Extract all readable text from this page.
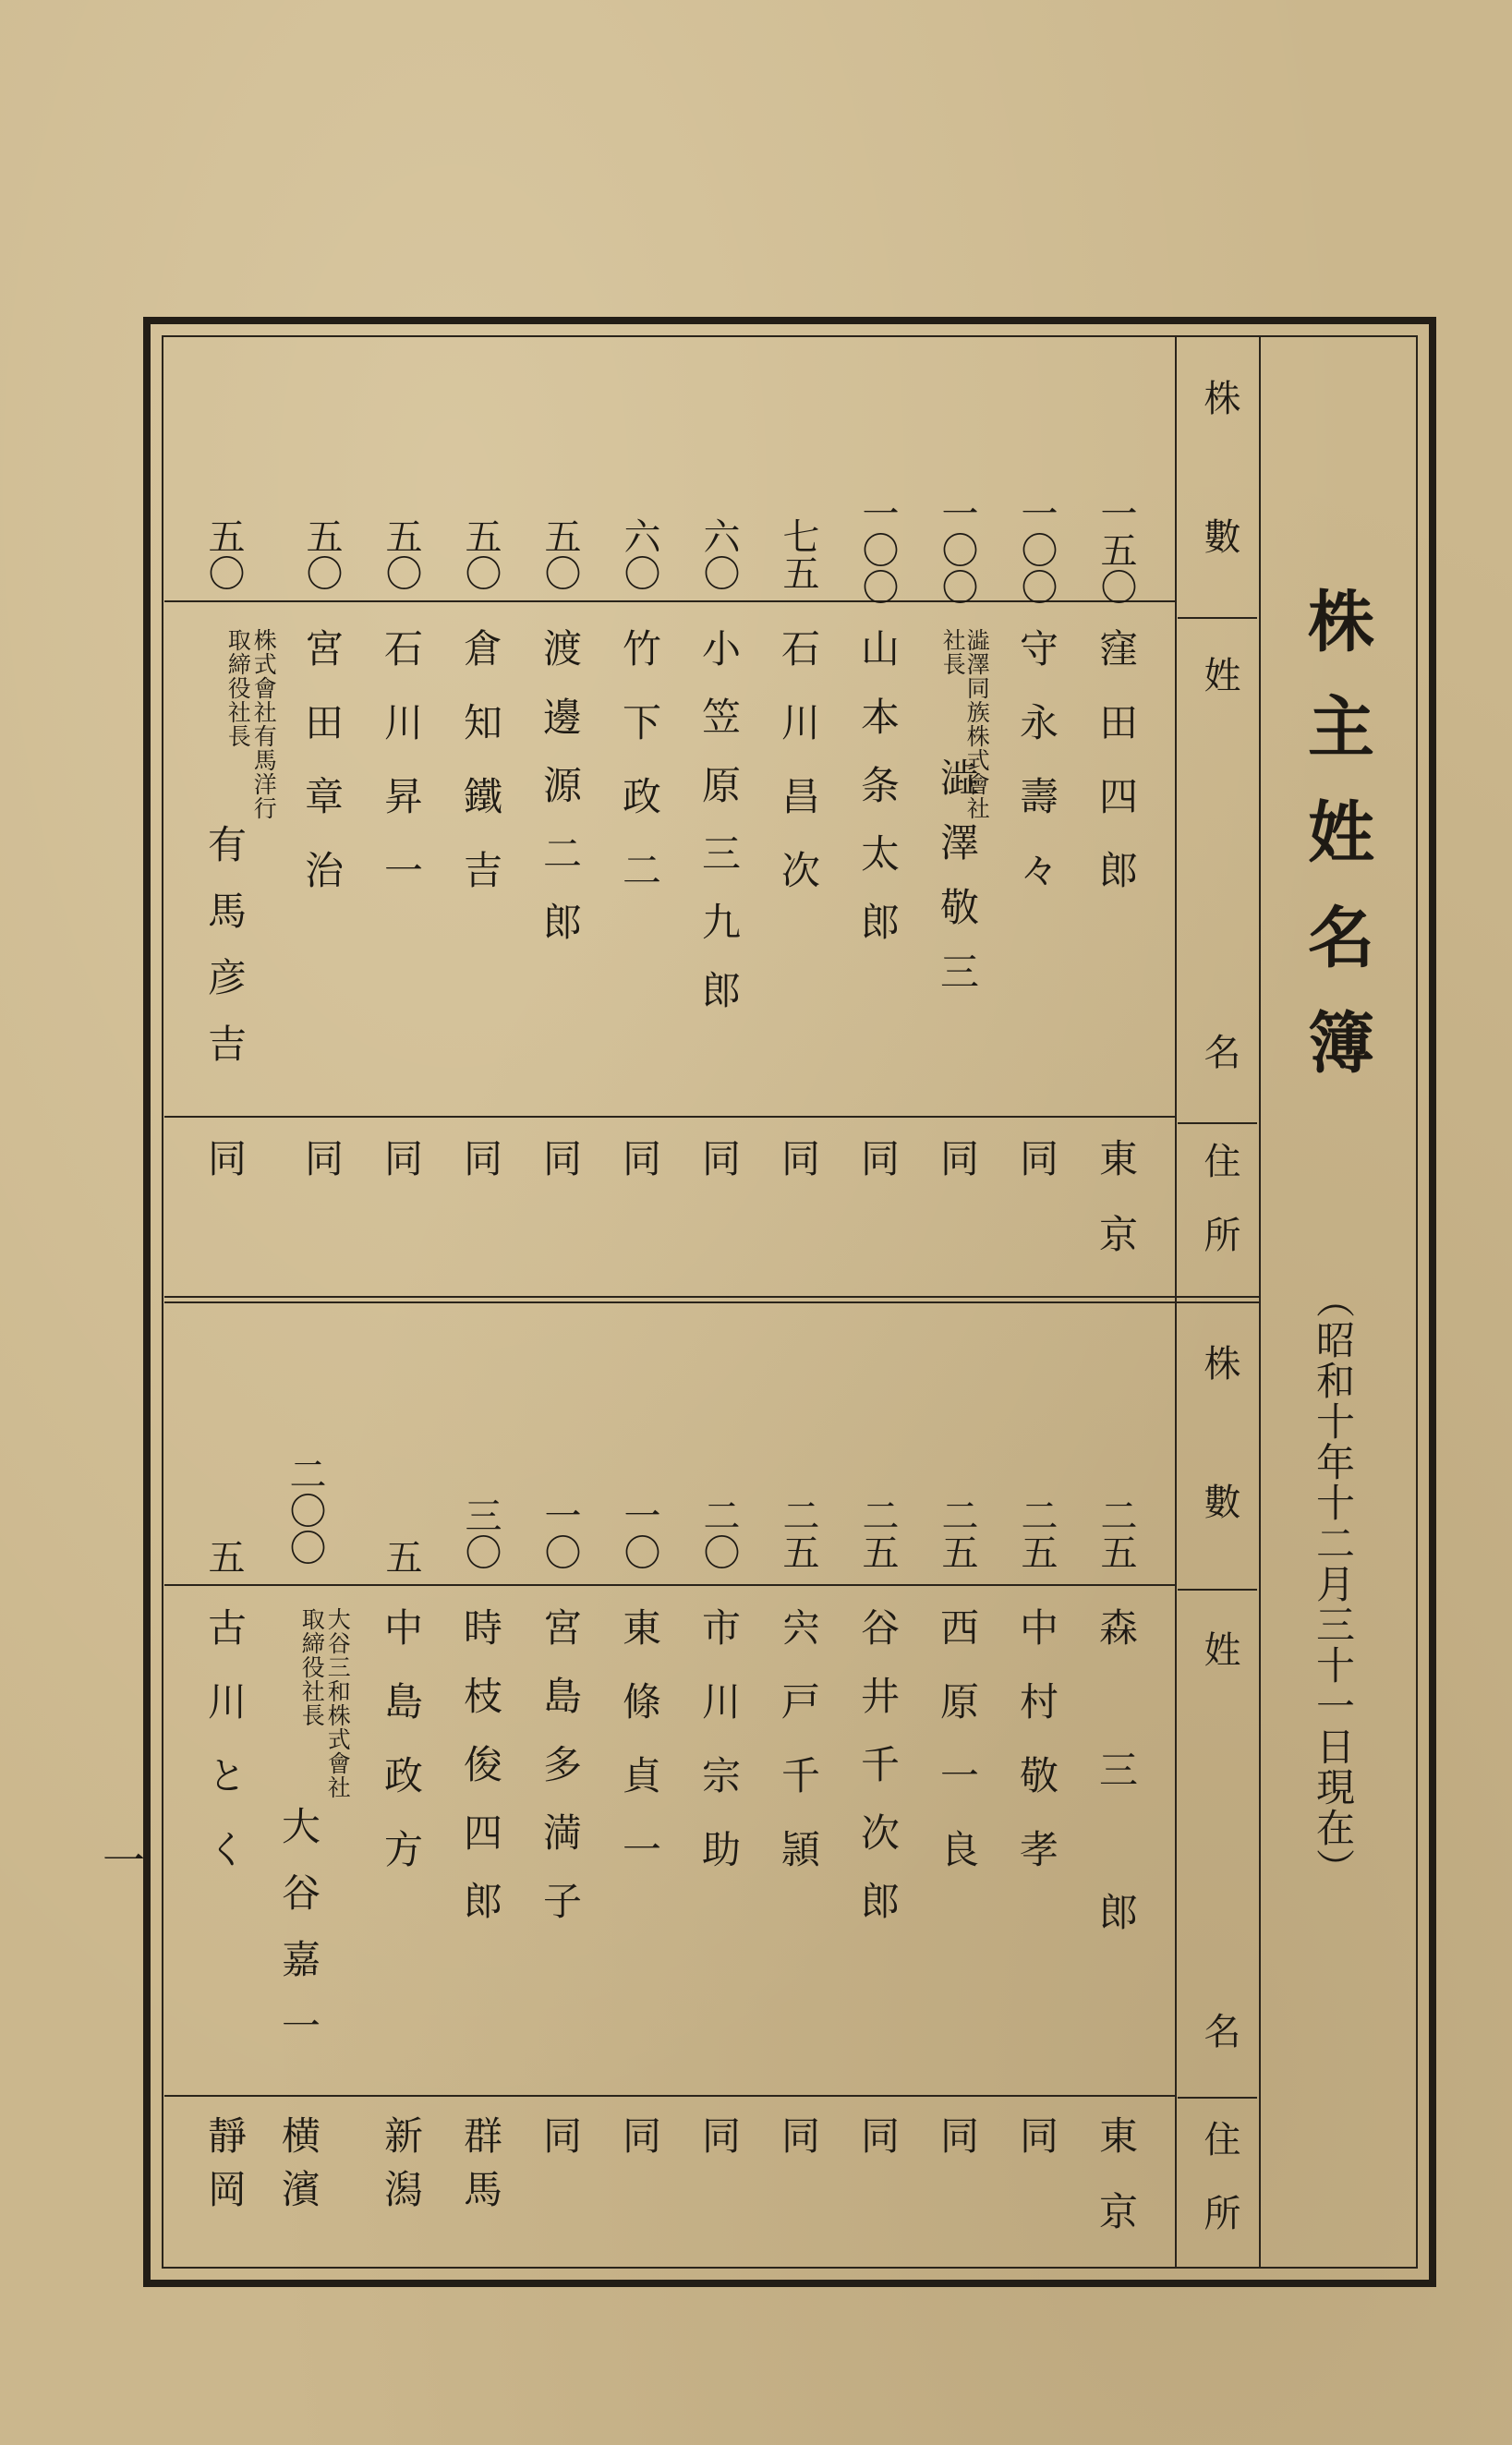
株主姓名簿
（昭和十年十二月三十一日現在）
株數
姓
名
住所
株數
姓
名
住所
一五〇
窪田四郎
東京
一〇〇
守永壽々
同
一〇〇
澁澤同族株式會社
社長
澁澤敬三
同
一〇〇
山本条太郎
同
七五
石川昌次
同
六〇
小笠原三九郎
同
六〇
竹下政二
同
五〇
渡邊源二郎
同
五〇
倉知鐵吉
同
五〇
石川昇一
同
五〇
宮田章治
同
五〇
株式會社有馬洋行
取締役社長
有馬彦吉
同
二五
森三郎
東京
二五
中村敬孝
同
二五
西原一良
同
二五
谷井千次郎
同
二五
宍戸千頴
同
二〇
市川宗助
同
一〇
東條貞一
同
一〇
宮島多満子
同
三〇
時枝俊四郎
群馬
五
中島政方
新潟
二〇〇
大谷三和株式會社
取締役社長
大谷嘉一
横濱
五
古川とく
靜岡
一
